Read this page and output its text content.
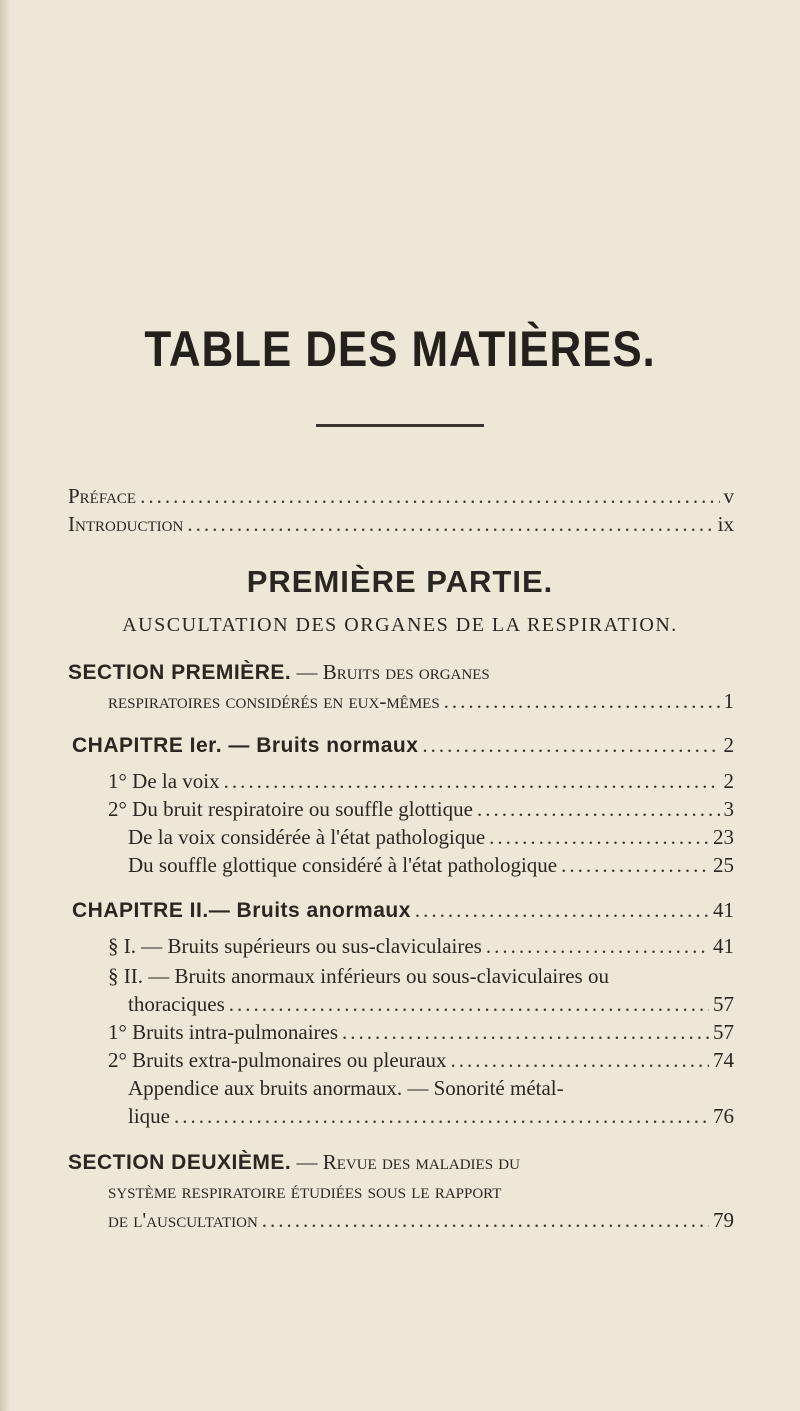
TABLE DES MATIÈRES.
Préface .....	v
Introduction .....	ix
PREMIÈRE PARTIE.
AUSCULTATION DES ORGANES DE LA RESPIRATION.
SECTION PREMIÈRE. — Bruits des organes
respiratoires considérés en eux-mêmes .....	1
CHAPITRE Ier. — Bruits normaux .....	2
1° De la voix .....	2
2° Du bruit respiratoire ou souffle glottique .....	3
De la voix considérée à l'état pathologique .....	23
Du souffle glottique considéré à l'état pathologique .....	25
CHAPITRE II.— Bruits anormaux .....	41
§ I. — Bruits supérieurs ou sus-claviculaires .....	41
§ II. — Bruits anormaux inférieurs ou sous-claviculaires ou
thoraciques .....	57
1° Bruits intra-pulmonaires .....	57
2° Bruits extra-pulmonaires ou pleuraux .....	74
Appendice aux bruits anormaux. — Sonorité métal-
lique .....	76
SECTION DEUXIÈME. — Revue des maladies du
système respiratoire étudiées sous le rapport
de l'auscultation .....	79
